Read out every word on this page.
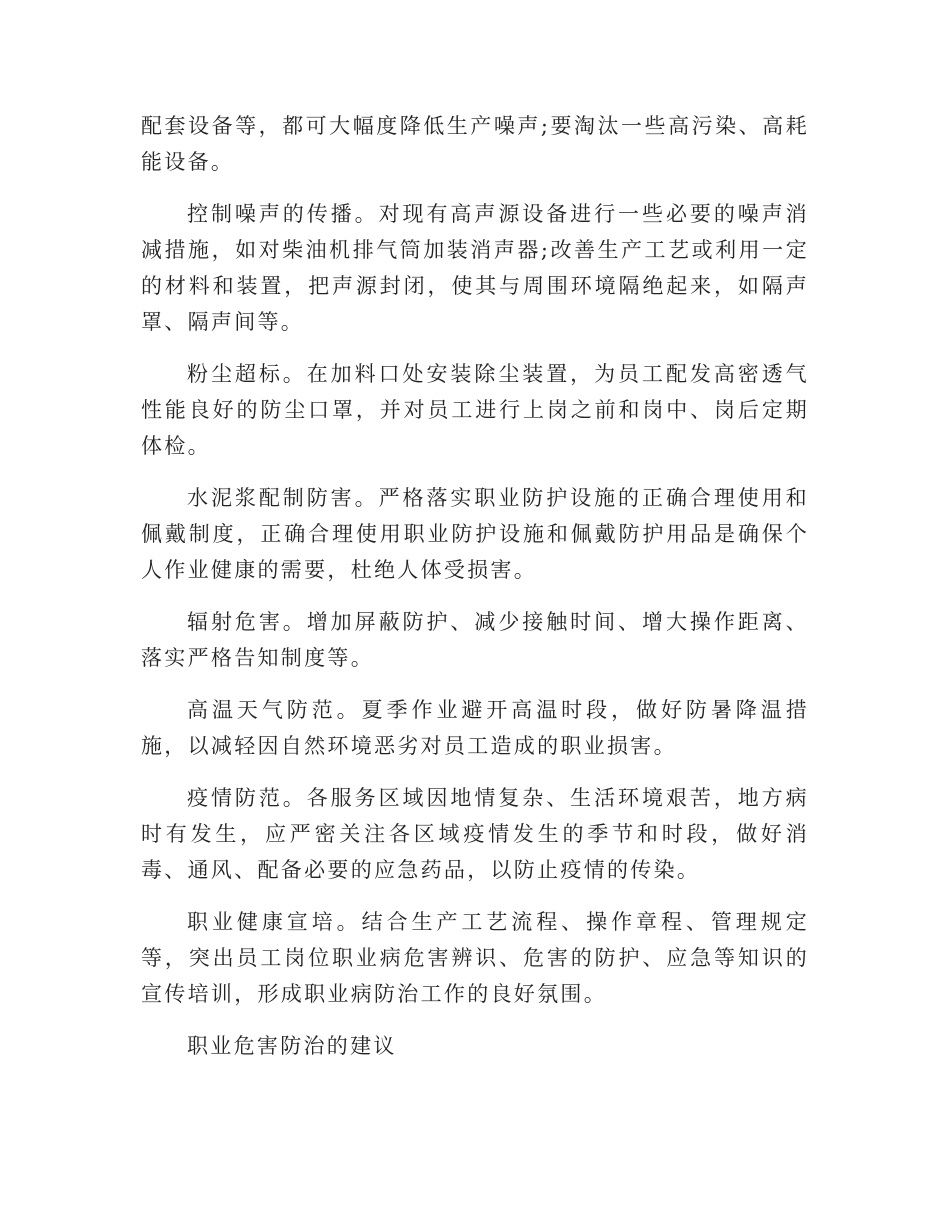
配套设备等，都可大幅度降低生产噪声;要淘汰一些高污染、高耗能设备。

控制噪声的传播。对现有高声源设备进行一些必要的噪声消减措施，如对柴油机排气筒加装消声器;改善生产工艺或利用一定的材料和装置，把声源封闭，使其与周围环境隔绝起来，如隔声罩、隔声间等。

粉尘超标。在加料口处安装除尘装置，为员工配发高密透气性能良好的防尘口罩，并对员工进行上岗之前和岗中、岗后定期体检。

水泥浆配制防害。严格落实职业防护设施的正确合理使用和佩戴制度，正确合理使用职业防护设施和佩戴防护用品是确保个人作业健康的需要，杜绝人体受损害。

辐射危害。增加屏蔽防护、减少接触时间、增大操作距离、落实严格告知制度等。

高温天气防范。夏季作业避开高温时段，做好防暑降温措施，以减轻因自然环境恶劣对员工造成的职业损害。

疫情防范。各服务区域因地情复杂、生活环境艰苦，地方病时有发生，应严密关注各区域疫情发生的季节和时段，做好消毒、通风、配备必要的应急药品，以防止疫情的传染。

职业健康宣培。结合生产工艺流程、操作章程、管理规定等，突出员工岗位职业病危害辨识、危害的防护、应急等知识的宣传培训，形成职业病防治工作的良好氛围。

职业危害防治的建议
